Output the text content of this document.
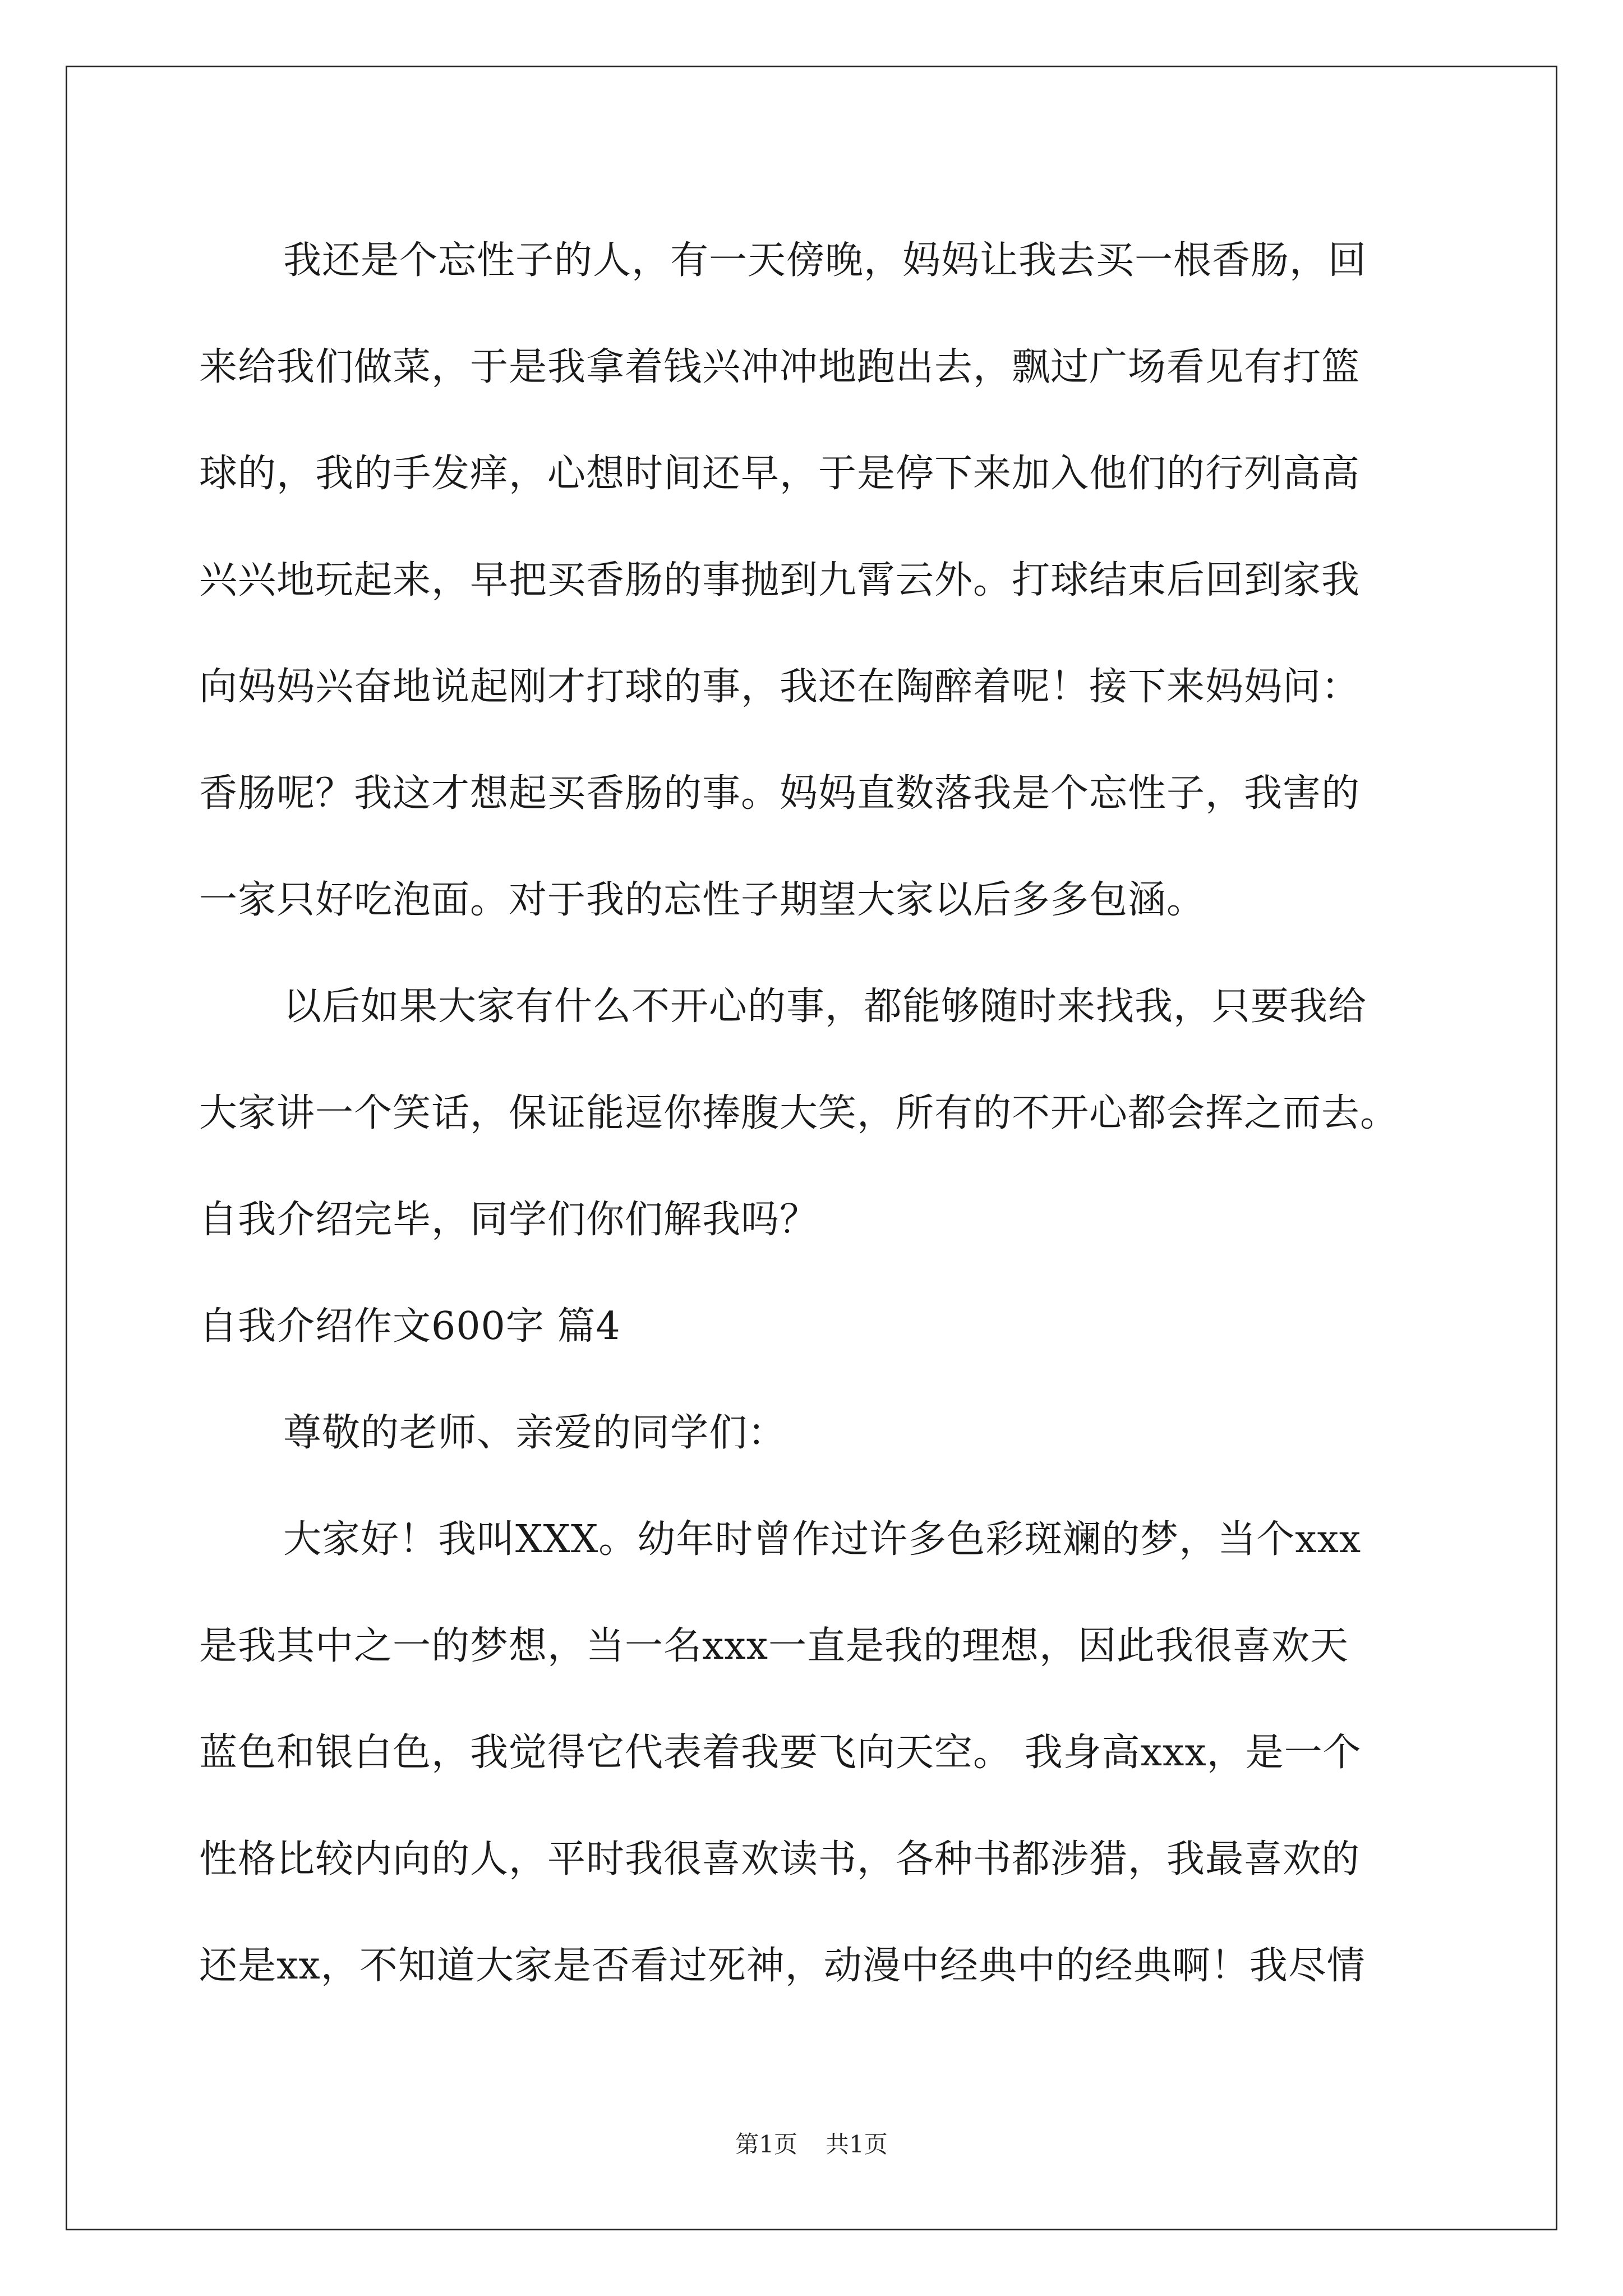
我还是个忘性子的人，有一天傍晚，妈妈让我去买一根香肠，回
来给我们做菜，于是我拿着钱兴冲冲地跑出去，飘过广场看见有打篮
球的，我的手发痒，心想时间还早，于是停下来加入他们的行列高高
兴兴地玩起来，早把买香肠的事抛到九霄云外。打球结束后回到家我
向妈妈兴奋地说起刚才打球的事，我还在陶醉着呢！接下来妈妈问：
香肠呢？我这才想起买香肠的事。妈妈直数落我是个忘性子，我害的
一家只好吃泡面。对于我的忘性子期望大家以后多多包涵。
以后如果大家有什么不开心的事，都能够随时来找我，只要我给
大家讲一个笑话，保证能逗你捧腹大笑，所有的不开心都会挥之而去。
自我介绍完毕，同学们你们解我吗？
自我介绍作文600字 篇4
尊敬的老师、亲爱的同学们：
大家好！我叫XXX。幼年时曾作过许多色彩斑斓的梦，当个xxx
是我其中之一的梦想，当一名xxx一直是我的理想，因此我很喜欢天
蓝色和银白色，我觉得它代表着我要飞向天空。 我身高xxx，是一个
性格比较内向的人，平时我很喜欢读书，各种书都涉猎，我最喜欢的
还是xx，不知道大家是否看过死神，动漫中经典中的经典啊！我尽情
第1页 共1页
